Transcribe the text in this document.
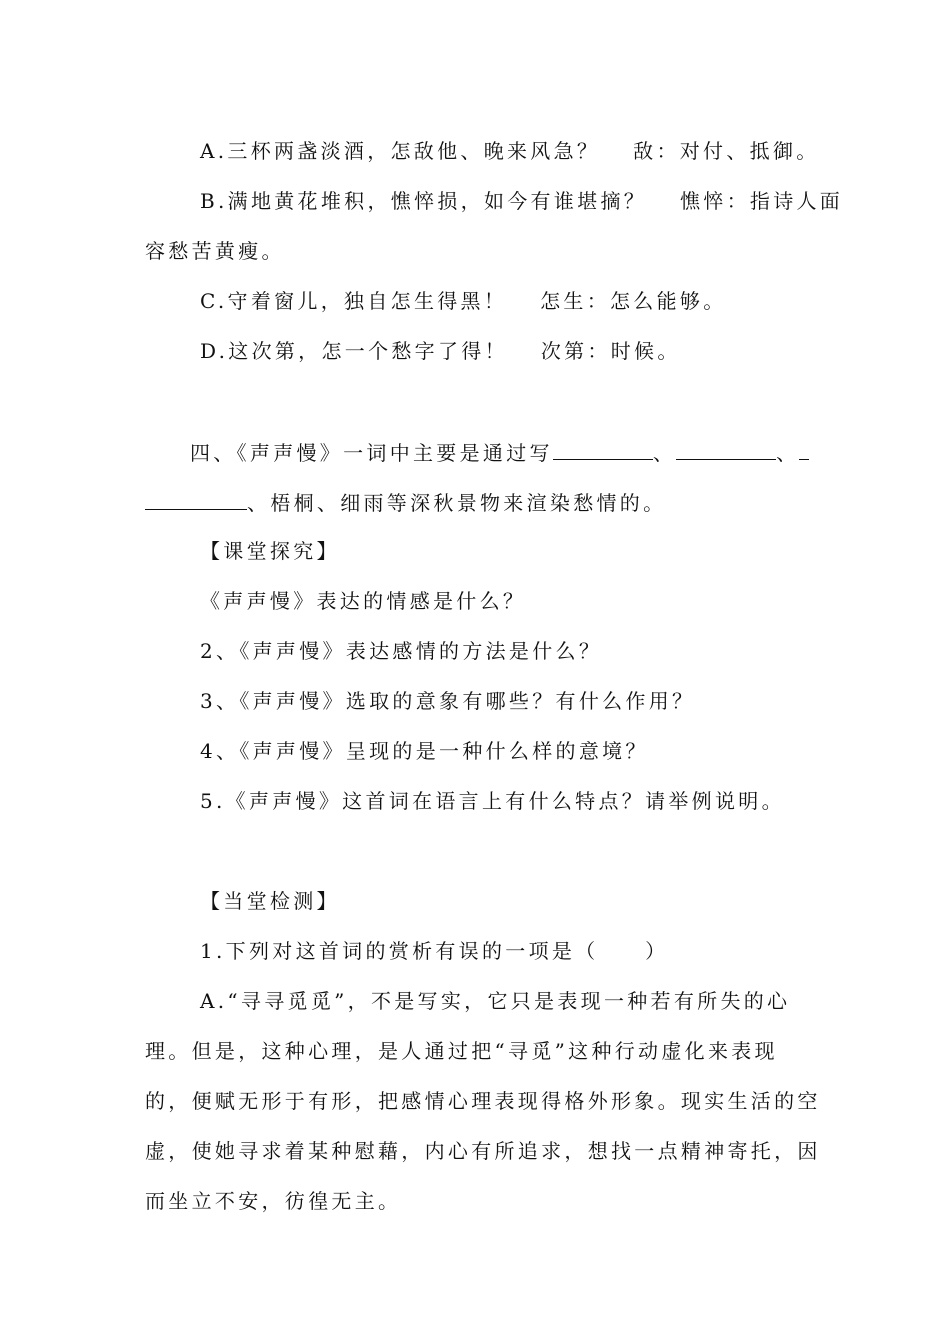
A.三杯两盏淡酒，怎敌他、晚来风急？　 敌：对付、抵御。
B.满地黄花堆积，憔悴损，如今有谁堪摘？　 憔悴：指诗人面
容愁苦黄瘦。
C.守着窗儿，独自怎生得黑！　 怎生：怎么能够。
D.这次第，怎一个愁字了得！　 次第：时候。
四、《声声慢》一词中主要是通过写	、	、
、梧桐、细雨等深秋景物来渲染愁情的。
【课堂探究】
《声声慢》表达的情感是什么？
2、《声声慢》表达感情的方法是什么？
3、《声声慢》选取的意象有哪些？有什么作用？
4、《声声慢》呈现的是一种什么样的意境？
5.《声声慢》这首词在语言上有什么特点？请举例说明。
【当堂检测】
1.下列对这首词的赏析有误的一项是（　　）
A.“寻寻觅觅”，不是写实，它只是表现一种若有所失的心
理。但是，这种心理，是人通过把“寻觅”这种行动虚化来表现
的，便赋无形于有形，把感情心理表现得格外形象。现实生活的空
虚，使她寻求着某种慰藉，内心有所追求，想找一点精神寄托，因
而坐立不安，彷徨无主。
